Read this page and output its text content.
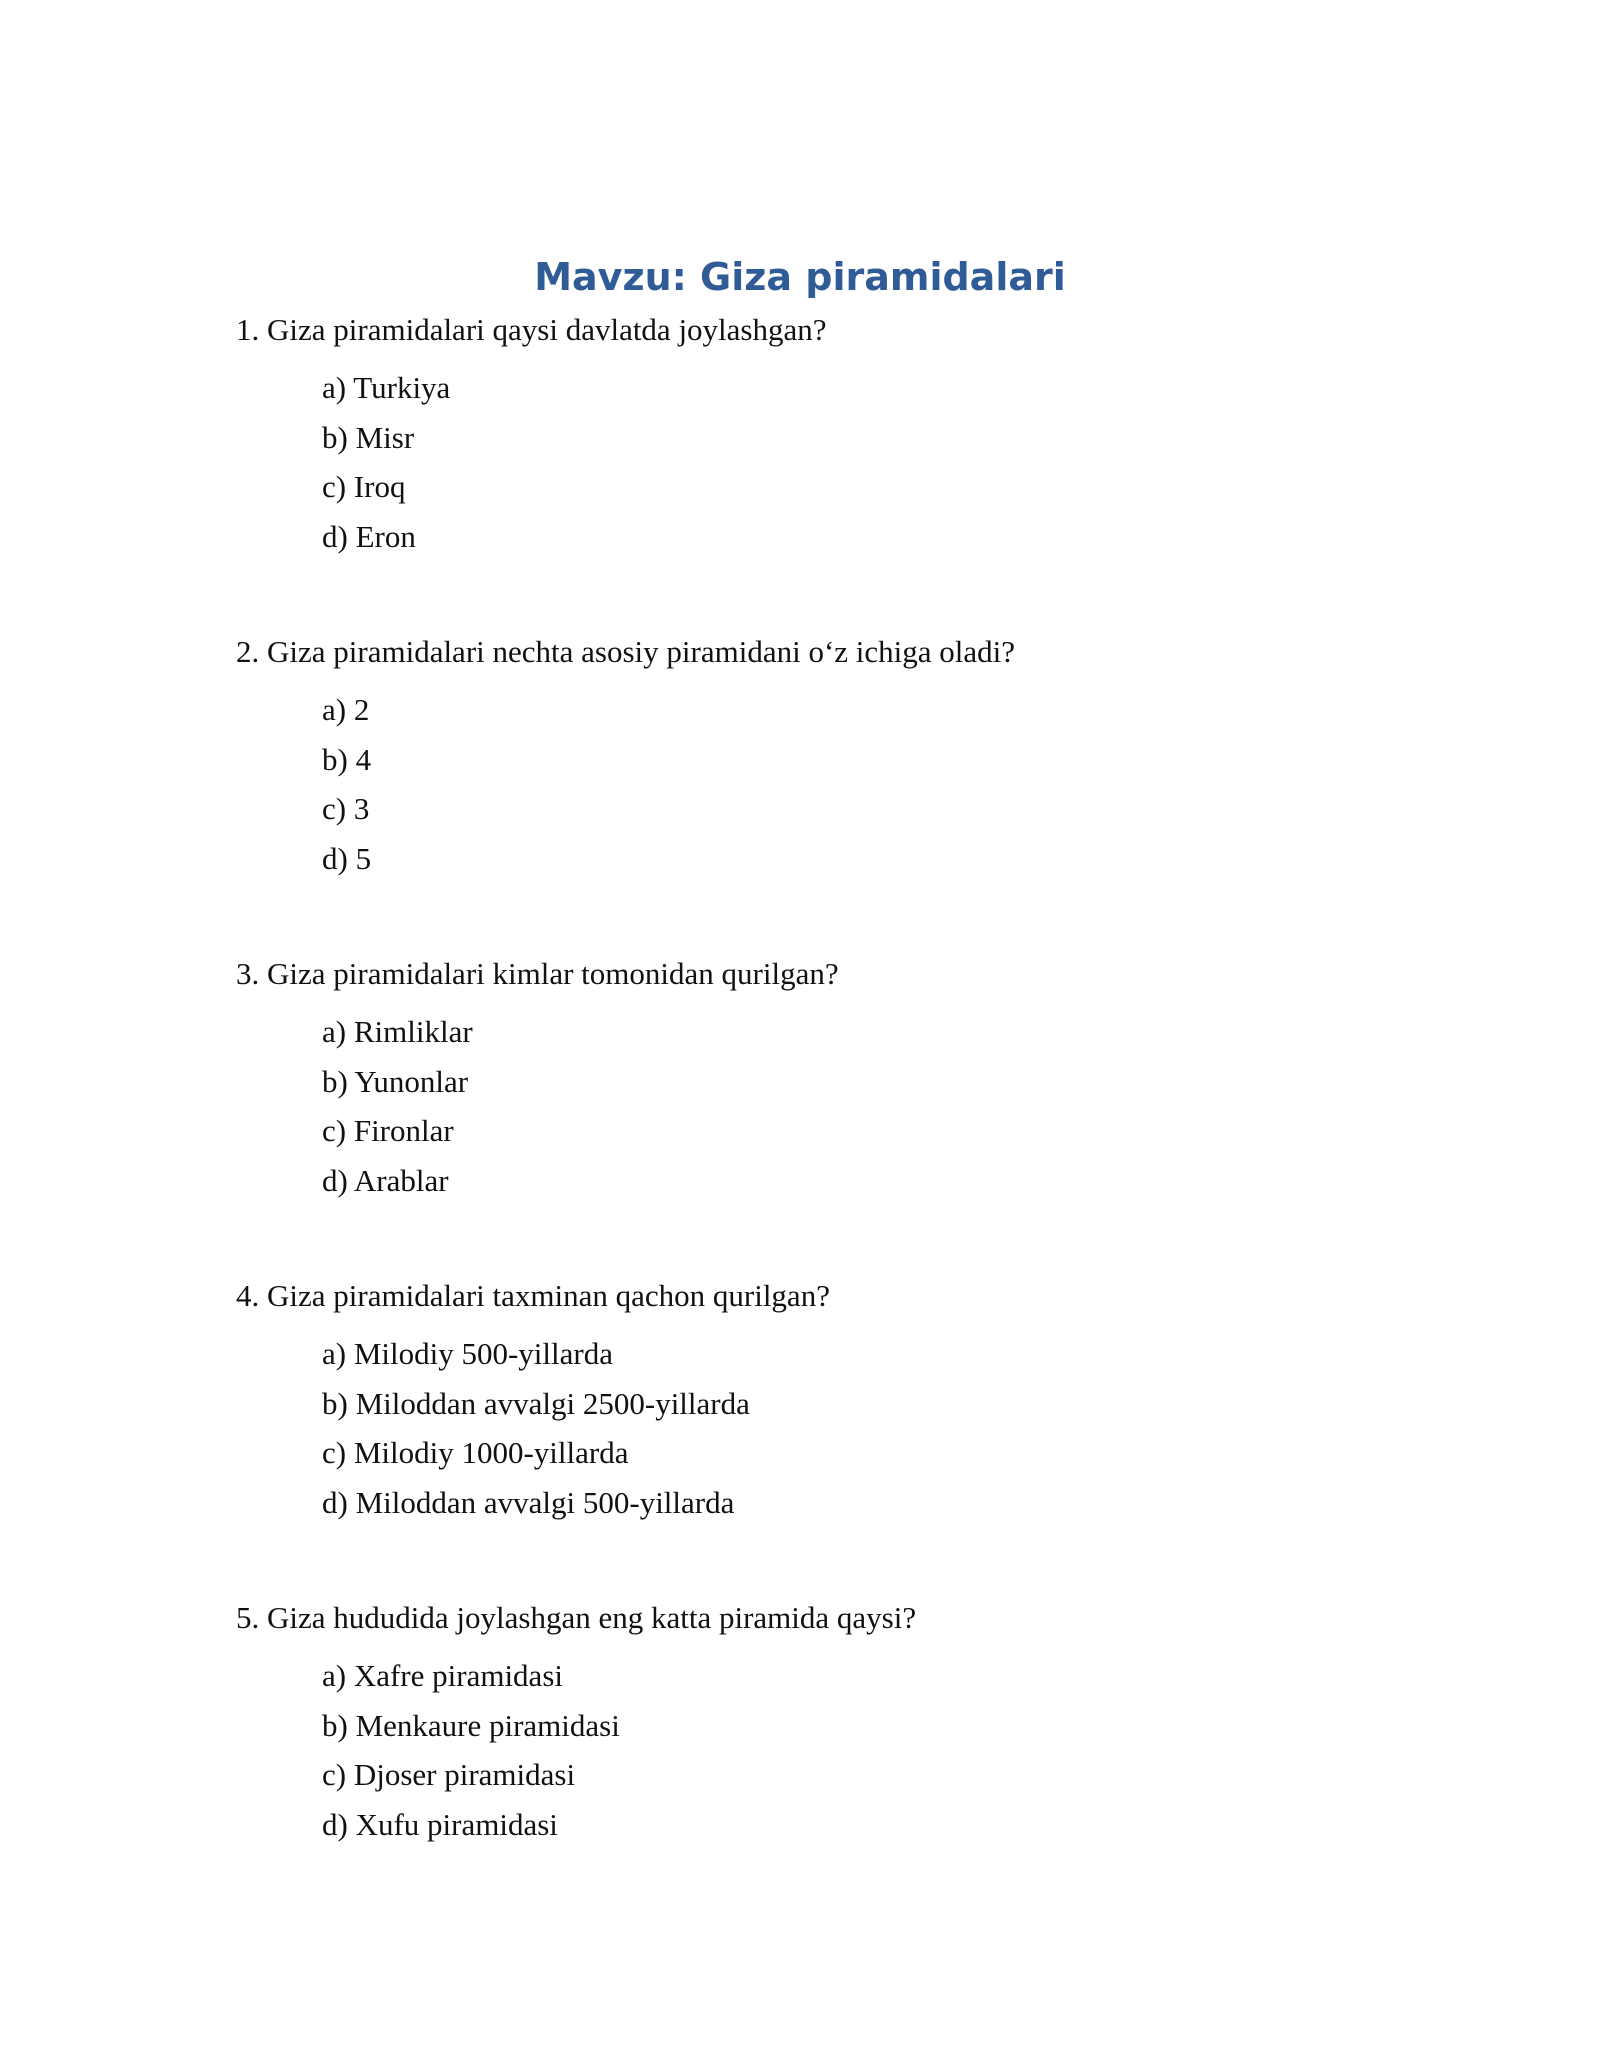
Mavzu: Giza piramidalari

1. Giza piramidalari qaysi davlatda joylashgan?

a) Turkiya
b) Misr
c) Iroq
d) Eron

2. Giza piramidalari nechta asosiy piramidani o‘z ichiga oladi?

a) 2
b) 4
c) 3
d) 5

3. Giza piramidalari kimlar tomonidan qurilgan?

a) Rimliklar
b) Yunonlar
c) Fironlar
d) Arablar

4. Giza piramidalari taxminan qachon qurilgan?

a) Milodiy 500-yillarda
b) Miloddan avvalgi 2500-yillarda
c) Milodiy 1000-yillarda
d) Miloddan avvalgi 500-yillarda

5. Giza hududida joylashgan eng katta piramida qaysi?

a) Xafre piramidasi
b) Menkaure piramidasi
c) Djoser piramidasi
d) Xufu piramidasi
